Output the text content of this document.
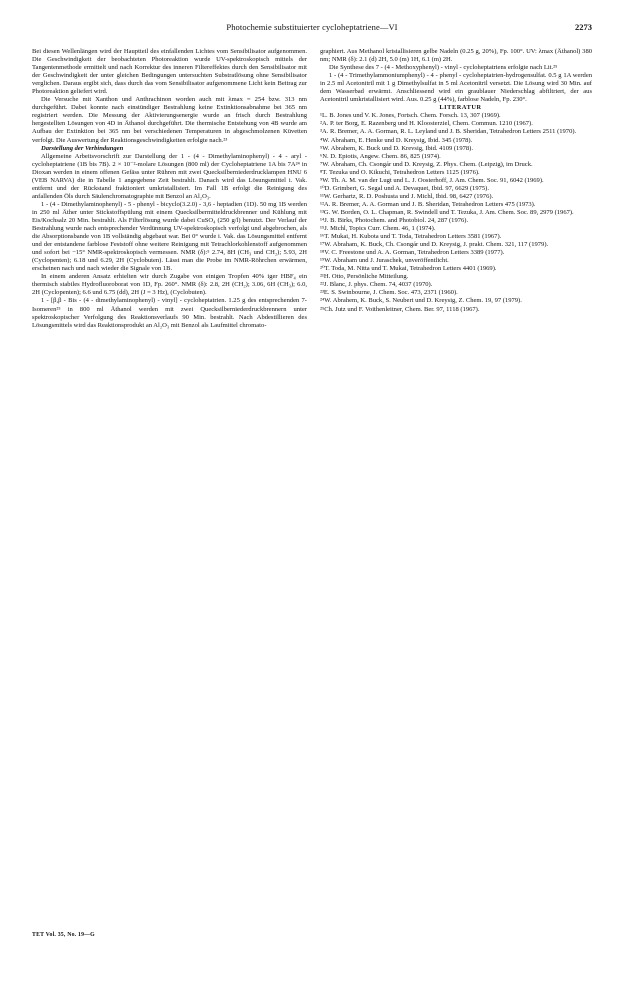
Photochemie substituierter cycloheptatriene—VI	2273

Bei diesen Wellenlängen wird der Hauptteil des einfallenden Lichtes vom Sensibilisator aufgenommen. Die Geschwindigkeit der beobachteten Photoreaktion wurde UV-spektroskopisch mittels der Tangentenmethode ermittelt und nach Korrektur des inneren Filtereffektes durch den Sensibilisator mit der Geschwindigkeit der unter gleichen Bedingungen untersuchten Substratlösung ohne Sensibilisator verglichen. Daraus ergibt sich, dass durch das vom Sensibilisator aufgenommene Licht kein Beitrag zur Photoreaktion geliefert wird.

Die Versuche mit Xanthon und Anthrachinon worden auch mit λmax = 254 bzw. 313 nm durchgeführt. Dabei konnte nach einstündiger Bestrahlung keine Extinktionsabnahme bei 365 nm registriert werden. Die Messung der Aktivierungsenergie wurde an frisch durch Bestrahlung hergestellten Lösungen von 4D in Äthanol durchgeführt. Die thermische Entstehung von 4B wurde am Aufbau der Extinktion bei 365 nm bei verschiedenen Temperaturen in abgeschmolzenen Küvetten verfolgt. Die Auswertung der Reaktionsgeschwindigkeiten erfolgte nach.²³

Darstellung der Verbindungen

Allgemeine Arbeitsvorschrift zur Darstellung der 1 - (4 - Dimethylaminophenyl) - 4 - aryl - cycloheptatriene (1B bis 7B). 2 × 10⁻²-molare Lösungen (800 ml) der Cycloheptatriene 1A bis 7A²⁴ in Dioxan werden in einem offenen Gefäss unter Rühren mit zwei Quecksilberniederdrucklampen HNU 6 (VEB NARVA) die in Tabelle 1 angegebene Zeit bestrahlt. Danach wird das Lösungsmittel i. Vak. entfernt und der Rückstand fraktioniert umkristallisiert. Im Fall 1B erfolgt die Reinigung des anfallenden Öls durch Säulenchromatographie mit Benzol an Al₂O₃.

1 - (4 - Dimethylaminophenyl) - 5 - phenyl - bicyclo(3.2.0) - 3,6 - heptadien (1D). 50 mg 1B werden in 250 ml Äther unter Stickstoffspülung mit einem Quecksilbermitteldruckbrenner und Kühlung mit Eis/Kochsalz 20 Min. bestrahlt. Als Filterlösung wurde dabei CuSO₄ (250 g/l) benutzt. Der Verlauf der Bestrahlung wurde nach entsprechender Verdünnung UV-spektroskopisch verfolgt und abgebrochen, als die Absorptionsbande von 1B vollständig abgebaut war. Bei 0° wurde i. Vak. das Lösungsmittel entfernt und der entstandene farblose Feststoff ohne weitere Reinigung mit Tetrachlorkohlenstoff aufgenommen und sofort bei −15° NMR-spektroskopisch vermessen. NMR (δ):⁵ 2.74, 8H (CH₃ und CH₂); 5.93, 2H (Cyclopenten); 6.18 und 6.29, 2H (Cyclobuten). Lässt man die Probe im NMR-Röhrchen erwärmen, erscheinen nach und nach wieder die Signale von 1B.

In einem anderen Ansatz erhielten wir durch Zugabe von einigen Tropfen 40% iger HBF₄ ein thermisch stabiles Hydrofluoroborat von 1D, Fp. 260°. NMR (δ): 2.8, 2H (CH₂); 3.06, 6H (CH₃); 6.0, 2H (Cyclopenten); 6.6 und 6.75 (dd), 2H (J = 3 Hz), (Cyclobuten).

1 - [β,β - Bis - (4 - dimethylaminophenyl) - vinyl] - cycloheptatrien. 1.25 g des entsprechenden 7-Isomeren²⁵ in 800 ml Äthanol werden mit zwei Quecksilberniederdruckbrennern unter spektroskopischer Verfolgung des Reaktionsverlaufs 90 Min. bestrahlt. Nach Abdestillieren des Lösungsmittels wird das Reaktionsprodukt an Al₂O₃ mit Benzol als Laufmittel chromato-

graphiert. Aus Methanol kristallisieren gelbe Nadeln (0.25 g, 20%), Fp. 100°. UV: λmax (Äthanol) 380 nm; NMR (δ): 2.1 (d) 2H, 5.0 (m) 1H, 6.1 (m) 2H.

Die Synthese des 7 - (4 - Methoxyphenyl) - vinyl - cycloheptatriens erfolgte nach Lit.²⁵

1 - (4 - Trimethylammoniumphenyl) - 4 - phenyl - cycloheptatrien-hydrogensulfat. 0.5 g 1A werden in 2.5 ml Acetonitril mit 1 g Dimethylsulfat in 5 ml Acetonitril versetzt. Die Lösung wird 30 Min. auf dem Wasserbad erwärmt. Anschliessend wird ein graublauer Niederschlag abfiltriert, der aus Acetonitril umkristallisiert wird. Aus. 0.25 g (44%), farblose Nadeln, Fp. 230°.

LITERATUR

¹L. B. Jones und V. K. Jones, Fortsch. Chem. Forsch. 13, 307 (1969).
²A. P. ter Borg, E. Razenberg und H. Kloosterziel, Chem. Commun. 1210 (1967).
³A. R. Bremer, A. A. Gorman, R. L. Leyland und J. B. Sheridan, Tetrahedron Letters 2511 (1970).
⁴W. Abraham, E. Henke und D. Kreysig, Ibid. 345 (1978).
⁵W. Abrahem, K. Buck und D. Krevsig, Ibid. 4109 (1978).
⁶N. D. Epiotis, Angew. Chem. 86, 825 (1974).
⁷W. Abraham, Ch. Csongár und D. Kreysig, Z. Phys. Chem. (Leipzig), im Druck.
⁸T. Tezuka und O. Kikuchi, Tetrahedron Letters 1125 (1976).
⁹W. Th. A. M. van der Lugt und L. J. Oosterhoff, J. Am. Chem. Soc. 91, 6042 (1969).
¹⁰D. Grimbert, G. Segal und A. Devaquet, Ibid. 97, 6629 (1975).
¹¹W. Gerhartz, R. D. Poshusta und J. Michl, Ibid. 98, 6427 (1976).
¹²A. R. Bremer, A. A. Gorman und J. B. Sheridan, Tetrahedron Letters 475 (1973).
¹³G. W. Borden, O. L. Chapman, R. Swindell und T. Tezuka, J. Am. Chem. Soc. 89, 2979 (1967).
¹⁴J. B. Birks, Photochem. and Photobiol. 24, 287 (1976).
¹⁵J. Michl, Topics Curr. Chem. 46, 1 (1974).
¹⁶T. Mukai, H. Kubota und T. Toda, Tetrahedron Letters 3581 (1967).
¹⁷W. Abraham, K. Buck, Ch. Csongár und D. Kreysig, J. prakt. Chem. 321, 117 (1979).
¹⁸V. C. Freestone und A. A. Gorman, Tetrahedron Letters 3389 (1977).
¹⁹W. Abraham und J. Juraschek, unveröffentlicht.
²⁰T. Toda, M. Nitta und T. Mukai, Tetrahedron Letters 4401 (1969).
²¹H. Otto, Persönliche Mitteilung.
²²J. Blanc, J. phys. Chem. 74, 4037 (1970).
²³E. S. Swinbourne, J. Chem. Soc. 473, 2371 (1960).
²⁴W. Abrahem, K. Buck, S. Neubert und D. Kreysig, Z. Chem. 19, 97 (1979).
²⁵Ch. Jutz und F. Voithenleitner, Chem. Ber. 97, 1118 (1967).
TET Vol. 35, No. 19—G
